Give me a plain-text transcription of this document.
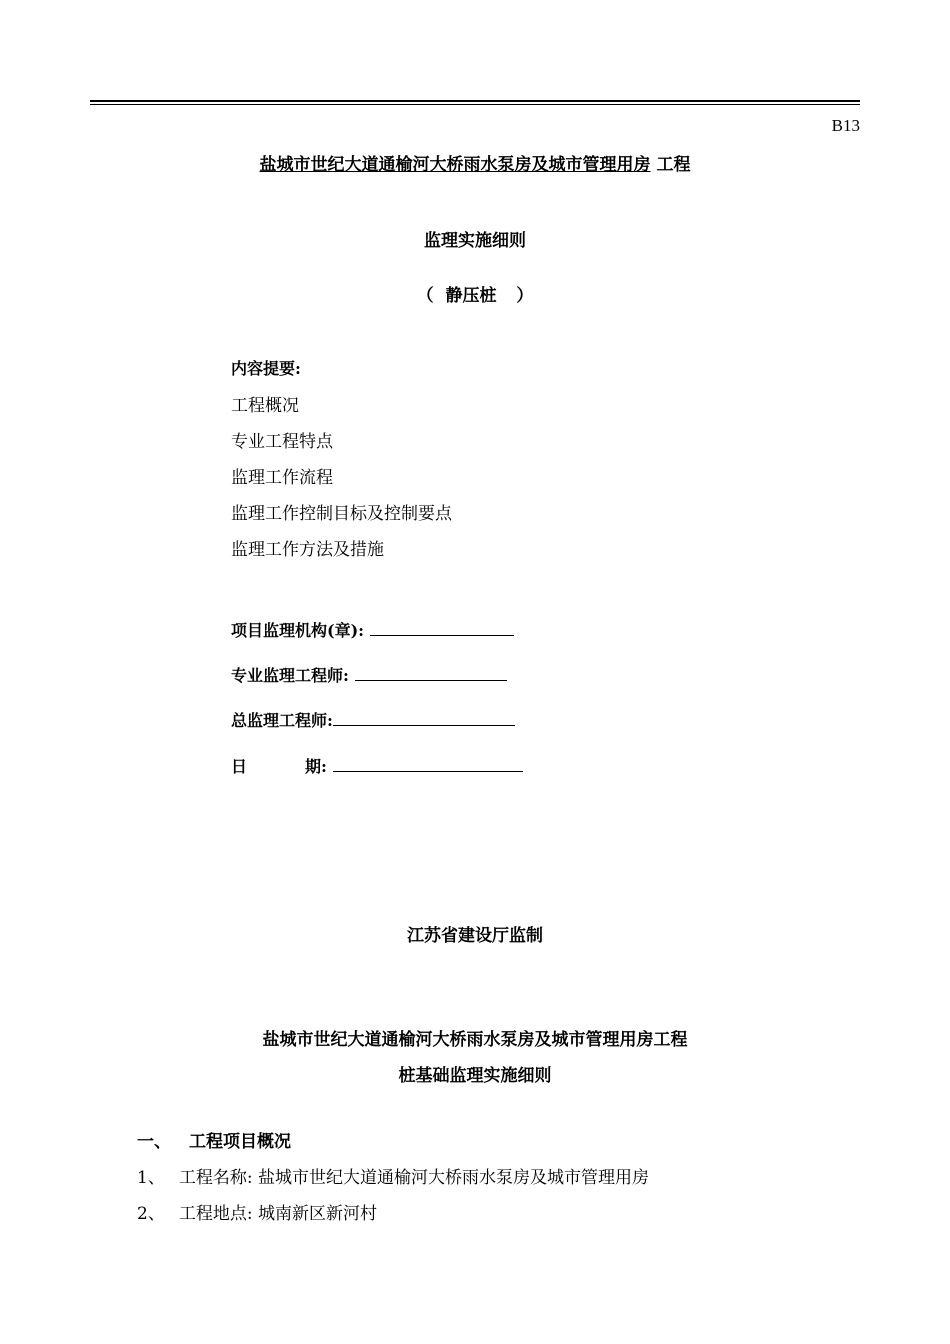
B13
盐城市世纪大道通榆河大桥雨水泵房及城市管理用房 工程
监理实施细则
（ 静压桩 ）
内容提要:
工程概况
专业工程特点
监理工作流程
监理工作控制目标及控制要点
监理工作方法及措施
项目监理机构(章):
专业监理工程师:
总监理工程师:
日	期:
江苏省建设厅监制
盐城市世纪大道通榆河大桥雨水泵房及城市管理用房工程
桩基础监理实施细则
一、 工程项目概况
1、 工程名称: 盐城市世纪大道通榆河大桥雨水泵房及城市管理用房
2、 工程地点: 城南新区新河村
